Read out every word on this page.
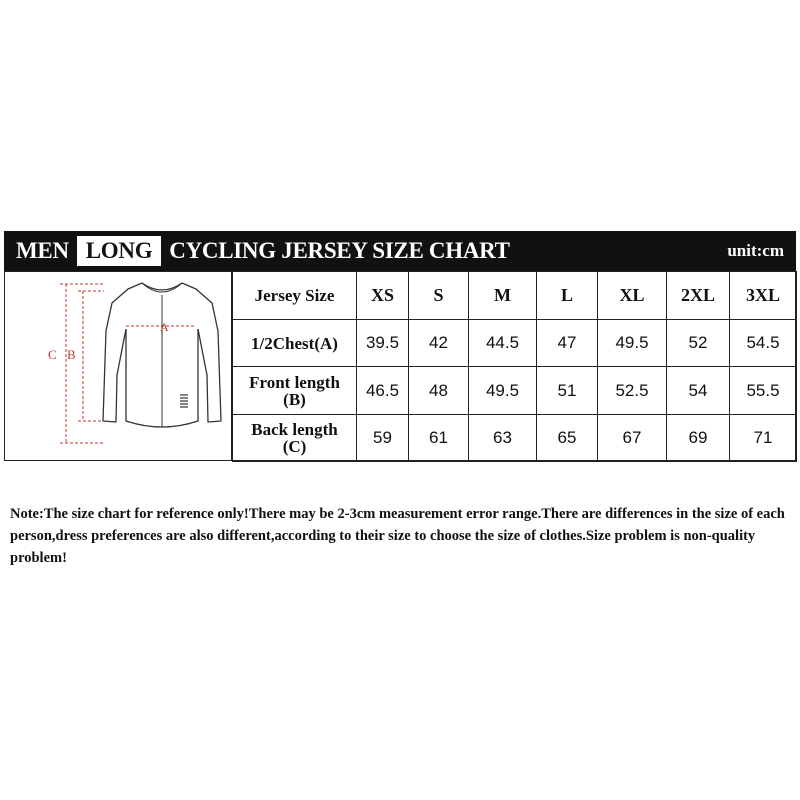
MEN LONG CYCLING JERSEY SIZE CHART	unit:cm
C B
A
Jersey Size	XS	S	M	L	XL	2XL	3XL
1/2Chest(A)	39.5	42	44.5	47	49.5	52	54.5
Front length
(B)	46.5	48	49.5	51	52.5	54	55.5
Back length
(C)	59	61	63	65	67	69	71

Note:The size chart for reference only!There may be 2-3cm measurement error range.There are differences in the size of each person,dress preferences are also different,according to their size to choose the size of clothes.Size problem is non-quality problem!
